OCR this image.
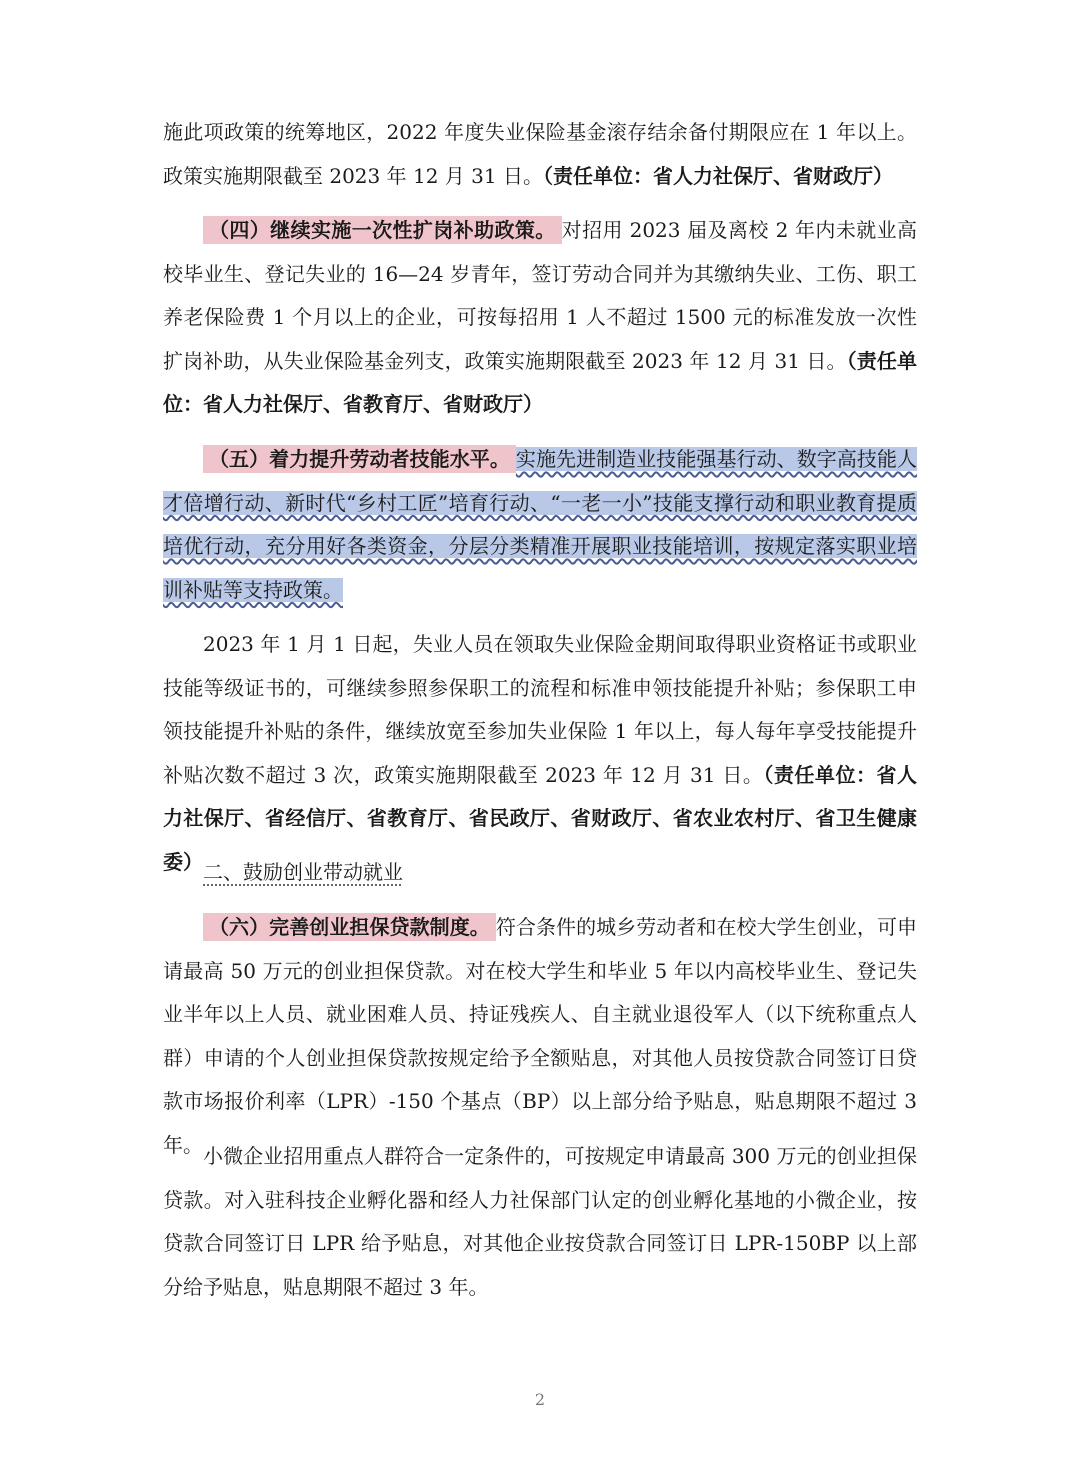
施此项政策的统筹地区，2022 年度失业保险基金滚存结余备付期限应在 1 年以上。政策实施期限截至 2023 年 12 月 31 日。（责任单位：省人力社保厅、省财政厅）

（四）继续实施一次性扩岗补助政策。 对招用 2023 届及离校 2 年内未就业高校毕业生、登记失业的 16—24 岁青年，签订劳动合同并为其缴纳失业、工伤、职工养老保险费 1 个月以上的企业，可按每招用 1 人不超过 1500 元的标准发放一次性扩岗补助，从失业保险基金列支，政策实施期限截至 2023 年 12 月 31 日。（责任单位：省人力社保厅、省教育厅、省财政厅）

（五）着力提升劳动者技能水平。 实施先进制造业技能强基行动、数字高技能人才倍增行动、新时代“乡村工匠”培育行动、“一老一小”技能支撑行动和职业教育提质培优行动，充分用好各类资金，分层分类精准开展职业技能培训，按规定落实职业培训补贴等支持政策。

2023 年 1 月 1 日起，失业人员在领取失业保险金期间取得职业资格证书或职业技能等级证书的，可继续参照参保职工的流程和标准申领技能提升补贴；参保职工申领技能提升补贴的条件，继续放宽至参加失业保险 1 年以上，每人每年享受技能提升补贴次数不超过 3 次，政策实施期限截至 2023 年 12 月 31 日。（责任单位：省人力社保厅、省经信厅、省教育厅、省民政厅、省财政厅、省农业农村厅、省卫生健康委） 二、鼓励创业带动就业

（六）完善创业担保贷款制度。 符合条件的城乡劳动者和在校大学生创业，可申请最高 50 万元的创业担保贷款。对在校大学生和毕业 5 年以内高校毕业生、登记失业半年以上人员、就业困难人员、持证残疾人、自主就业退役军人（以下统称重点人群）申请的个人创业担保贷款按规定给予全额贴息，对其他人员按贷款合同签订日贷款市场报价利率（LPR）-150 个基点（BP）以上部分给予贴息，贴息期限不超过 3 年。 小微企业招用重点人群符合一定条件的，可按规定申请最高 300 万元的创业担保贷款。对入驻科技企业孵化器和经人力社保部门认定的创业孵化基地的小微企业，按贷款合同签订日 LPR 给予贴息，对其他企业按贷款合同签订日 LPR-150BP 以上部分给予贴息，贴息期限不超过 3 年。

2
